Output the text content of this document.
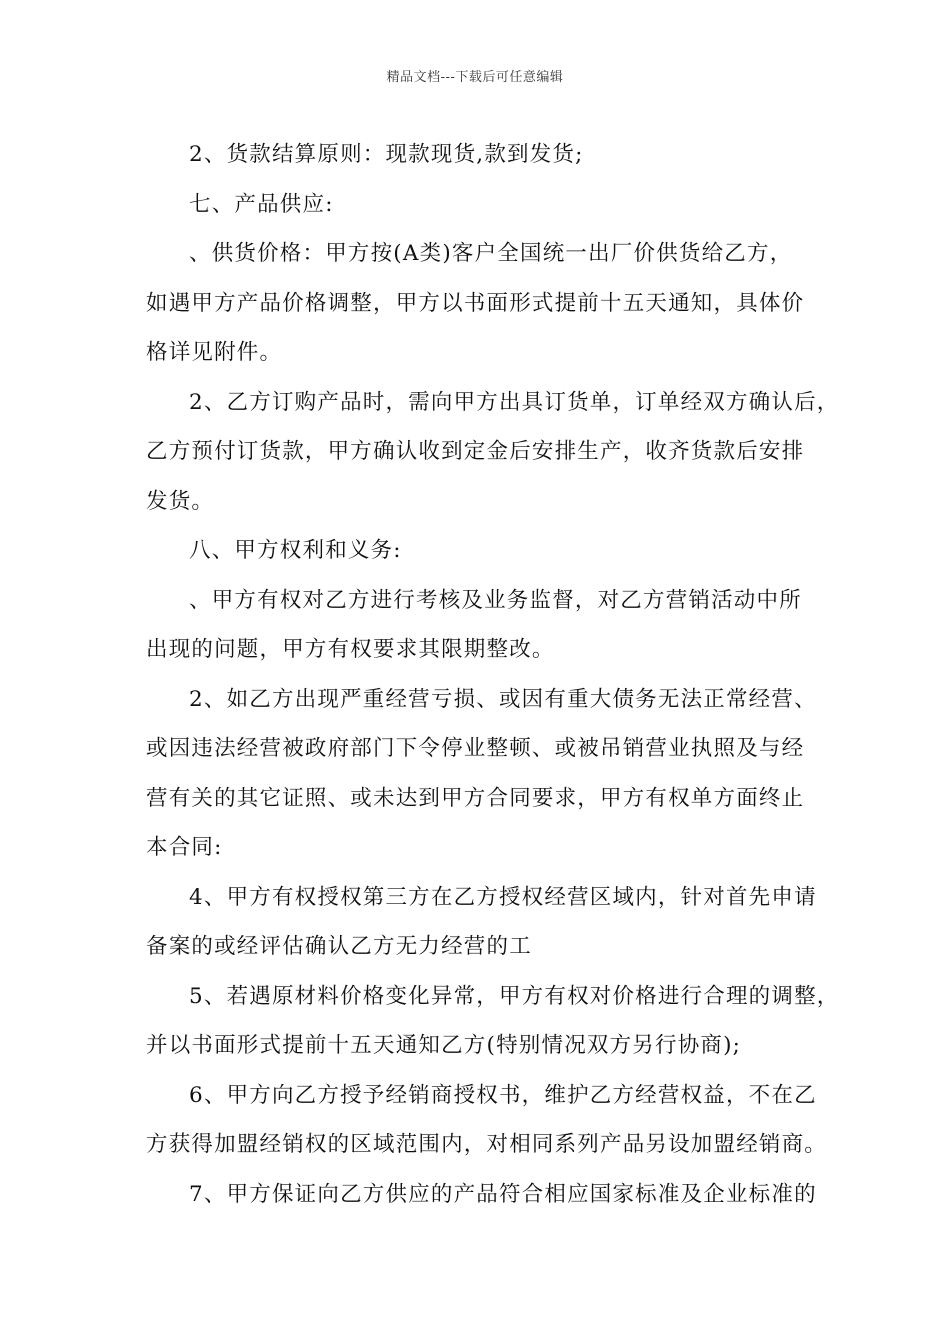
精品文档---下载后可任意编辑
2、货款结算原则：现款现货,款到发货;
七、产品供应:
、供货价格：甲方按(A类)客户全国统一出厂价供货给乙方，
如遇甲方产品价格调整，甲方以书面形式提前十五天通知，具体价
格详见附件。
2、乙方订购产品时，需向甲方出具订货单，订单经双方确认后，
乙方预付订货款，甲方确认收到定金后安排生产，收齐货款后安排
发货。
八、甲方权利和义务:
、甲方有权对乙方进行考核及业务监督，对乙方营销活动中所
出现的问题，甲方有权要求其限期整改。
2、如乙方出现严重经营亏损、或因有重大债务无法正常经营、
或因违法经营被政府部门下令停业整顿、或被吊销营业执照及与经
营有关的其它证照、或未达到甲方合同要求，甲方有权单方面终止
本合同:
4、甲方有权授权第三方在乙方授权经营区域内，针对首先申请
备案的或经评估确认乙方无力经营的工
5、若遇原材料价格变化异常，甲方有权对价格进行合理的调整，
并以书面形式提前十五天通知乙方(特别情况双方另行协商);
6、甲方向乙方授予经销商授权书，维护乙方经营权益，不在乙
方获得加盟经销权的区域范围内，对相同系列产品另设加盟经销商。
7、甲方保证向乙方供应的产品符合相应国家标准及企业标准的
